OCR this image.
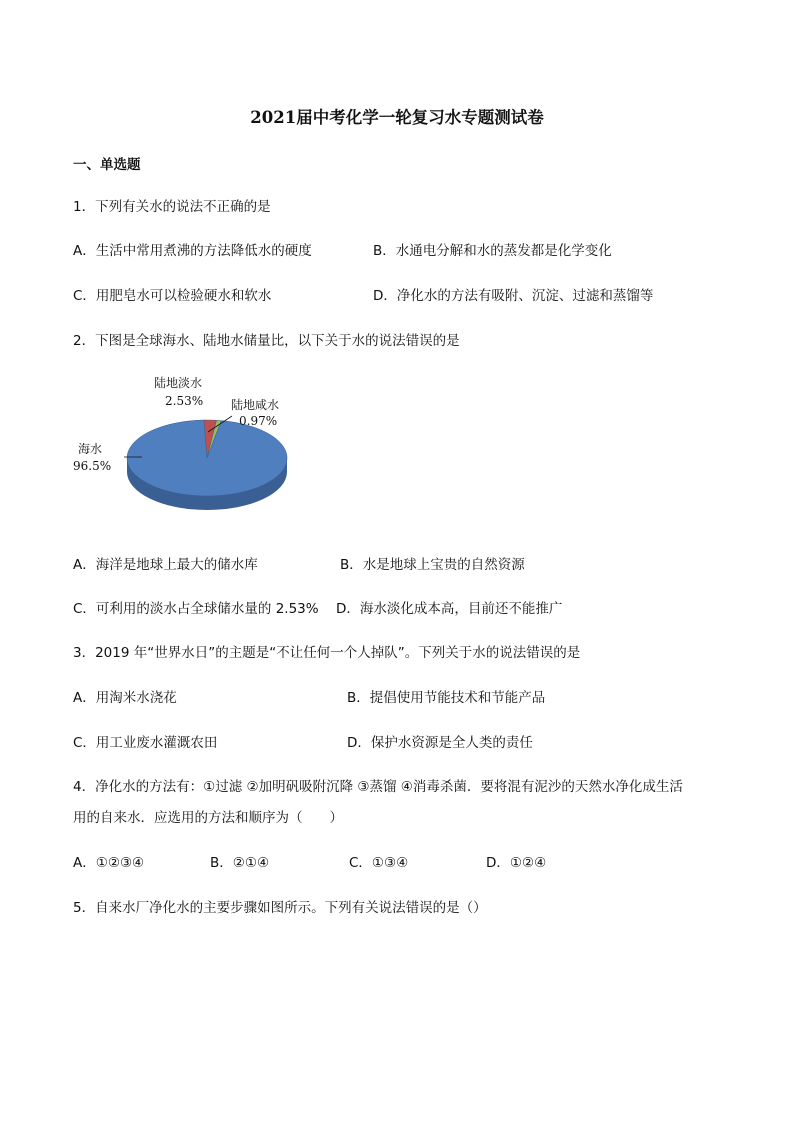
2021届中考化学一轮复习水专题测试卷
一、单选题
1．下列有关水的说法不正确的是
A．生活中常用煮沸的方法降低水的硬度	B．水通电分解和水的蒸发都是化学变化
C．用肥皂水可以检验硬水和软水	D．净化水的方法有吸附、沉淀、过滤和蒸馏等
2．下图是全球海水、陆地水储量比，以下关于水的说法错误的是
陆地淡水
2.53% 陆地咸水
0.97%
海水
96.5%
A．海洋是地球上最大的储水库	B．水是地球上宝贵的自然资源
C．可利用的淡水占全球储水量的 2.53% D．海水淡化成本高，目前还不能推广
3．2019 年“世界水日”的主题是“不让任何一个人掉队”。下列关于水的说法错误的是
A．用淘米水浇花	B．提倡使用节能技术和节能产品
C．用工业废水灌溉农田	D．保护水资源是全人类的责任
4．净化水的方法有：①过滤 ②加明矾吸附沉降 ③蒸馏 ④消毒杀菌．要将混有泥沙的天然水净化成生活
用的自来水．应选用的方法和顺序为（　　）
A．①②③④	B．②①④	C．①③④	D．①②④
5．自来水厂净化水的主要步骤如图所示。下列有关说法错误的是（）
